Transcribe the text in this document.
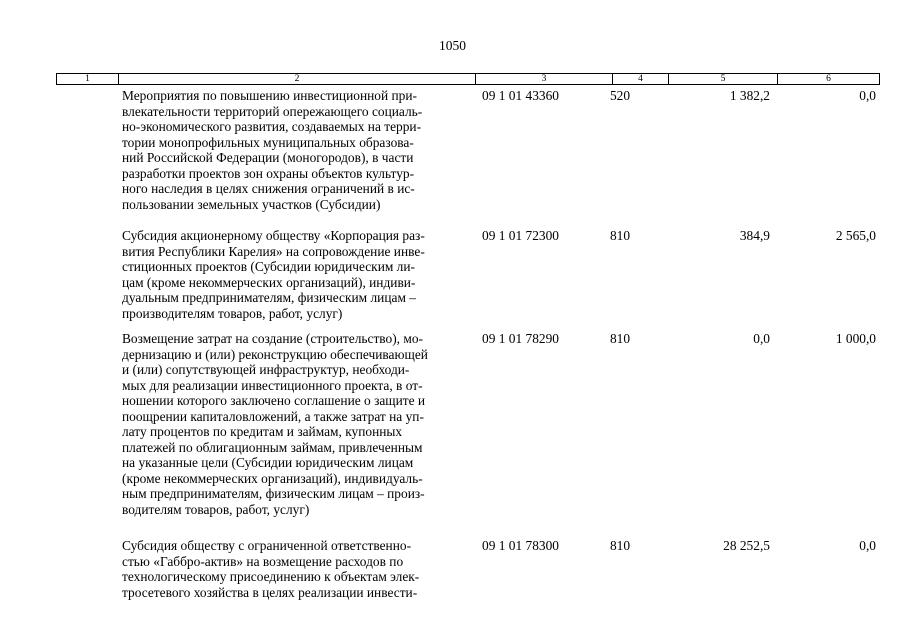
1050
1	2	3	4	5	6
Мероприятия по повышению инвестиционной при-
влекательности территорий опережающего социаль-
но-экономического развития, создаваемых на терри-
тории монопрофильных муниципальных образова-
ний Российской Федерации (моногородов), в части
разработки проектов зон охраны объектов культур-
ного наследия в целях снижения ограничений в ис-
пользовании земельных участков (Субсидии)
09 1 01 43360	520	1 382,2	0,0
Субсидия акционерному обществу «Корпорация раз-
вития Республики Карелия» на сопровождение инве-
стиционных проектов (Субсидии юридическим ли-
цам (кроме некоммерческих организаций), индиви-
дуальным предпринимателям, физическим лицам –
производителям товаров, работ, услуг)
09 1 01 72300	810	384,9	2 565,0
Возмещение затрат на создание (строительство), мо-
дернизацию и (или) реконструкцию обеспечивающей
и (или) сопутствующей инфраструктур, необходи-
мых для реализации инвестиционного проекта, в от-
ношении которого заключено соглашение о защите и
поощрении капиталовложений, а также затрат на уп-
лату процентов по кредитам и займам, купонных
платежей по облигационным займам, привлеченным
на указанные цели (Субсидии юридическим лицам
(кроме некоммерческих организаций), индивидуаль-
ным предпринимателям, физическим лицам – произ-
водителям товаров, работ, услуг)
09 1 01 78290	810	0,0	1 000,0
Субсидия обществу с ограниченной ответственно-
стью «Габбро-актив» на возмещение расходов по
технологическому присоединению к объектам элек-
тросетевого хозяйства в целях реализации инвести-
09 1 01 78300	810	28 252,5	0,0
